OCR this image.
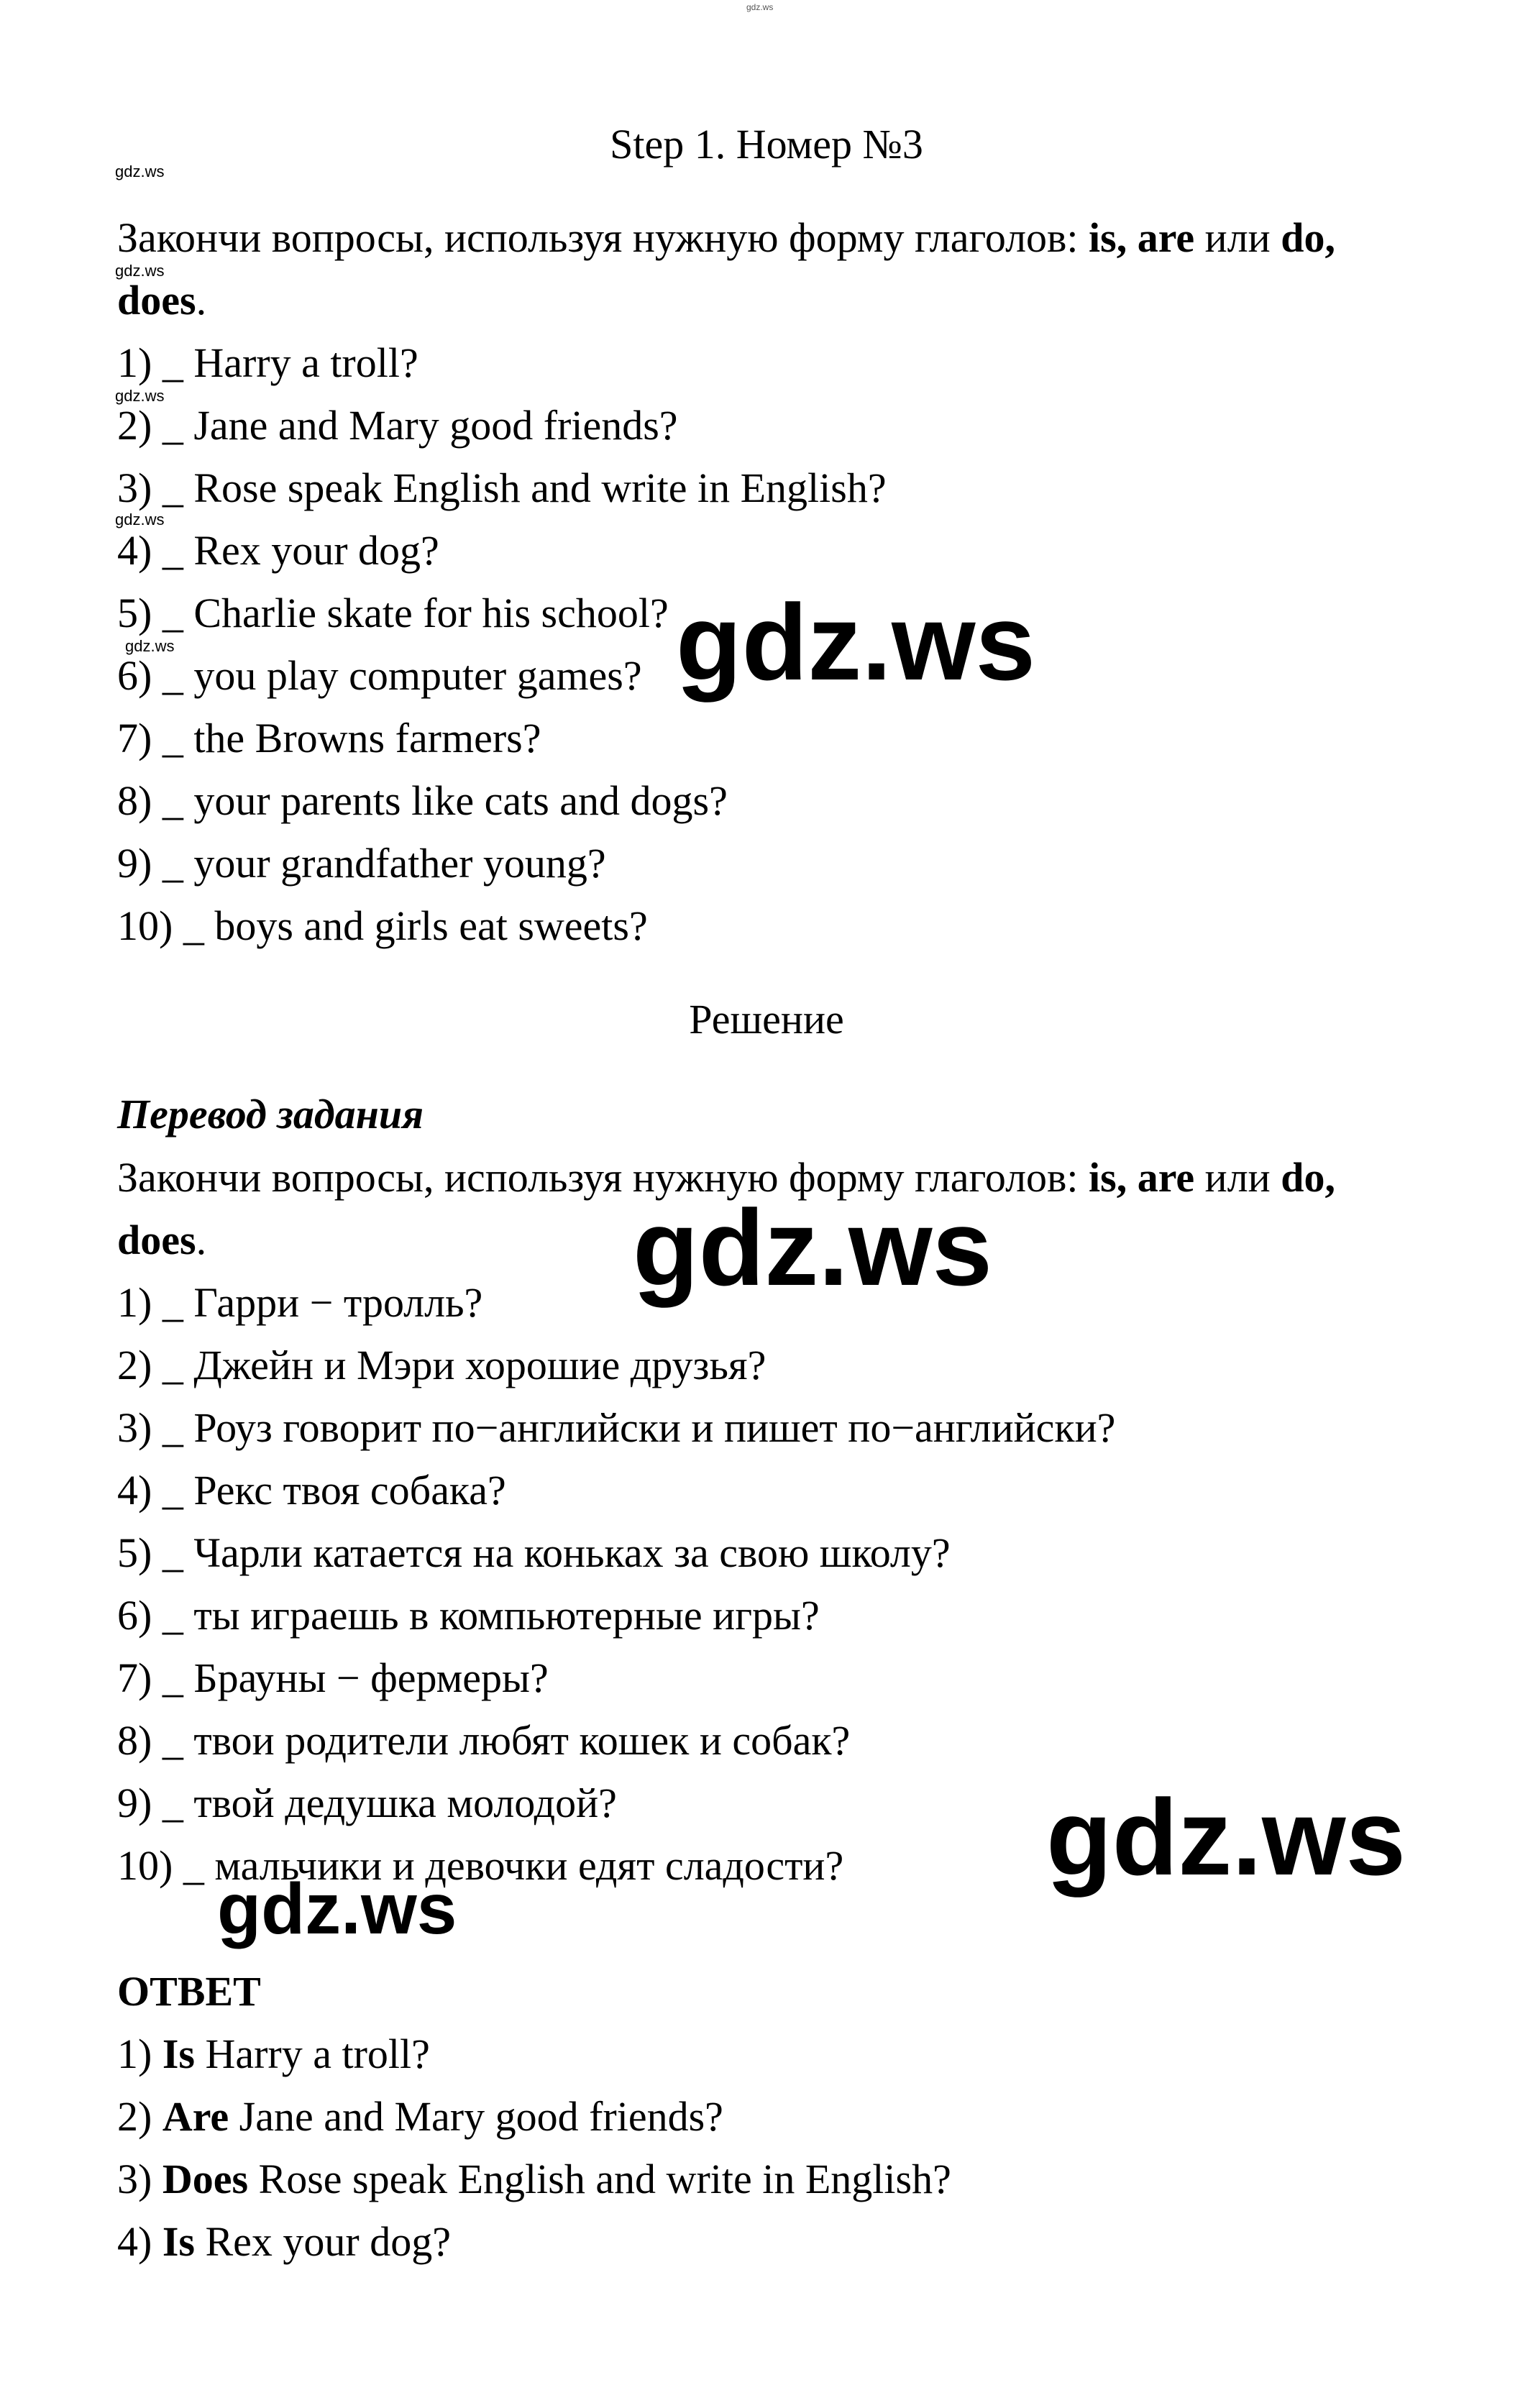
gdz.ws

Step 1. Номер №3

gdz.ws

gdz.ws

gdz.ws

gdz.ws

gdz.ws

Закончи вопросы, используя нужную форму глаголов: is, are или do,

does.

1) _ Harry a troll?

2) _ Jane and Mary good friends?

3) _ Rose speak English and write in English?

4) _ Rex your dog?

5) _ Charlie skate for his school?

6) _ you play computer games?

7) _ the Browns farmers?

8) _ your parents like cats and dogs?

9) _ your grandfather young?

10) _ boys and girls eat sweets?

gdz.ws

Решение

Перевод задания

Закончи вопросы, используя нужную форму глаголов: is, are или do,

does.	gdz.ws

1) _ Гарри − тролль?

2) _ Джейн и Мэри хорошие друзья?

3) _ Роуз говорит по−английски и пишет по−английски?

4) _ Рекс твоя собака?

5) _ Чарли катается на коньках за свою школу?

6) _ ты играешь в компьютерные игры?

7) _ Брауны − фермеры?

8) _ твои родители любят кошек и собак?

9) _ твой дедушка молодой?

10) _ мальчики и девочки едят сладости? gdz.ws

gdz.ws

ОТВЕТ

1) Is Harry a troll?

2) Are Jane and Mary good friends?

3) Does Rose speak English and write in English?

4) Is Rex your dog?
